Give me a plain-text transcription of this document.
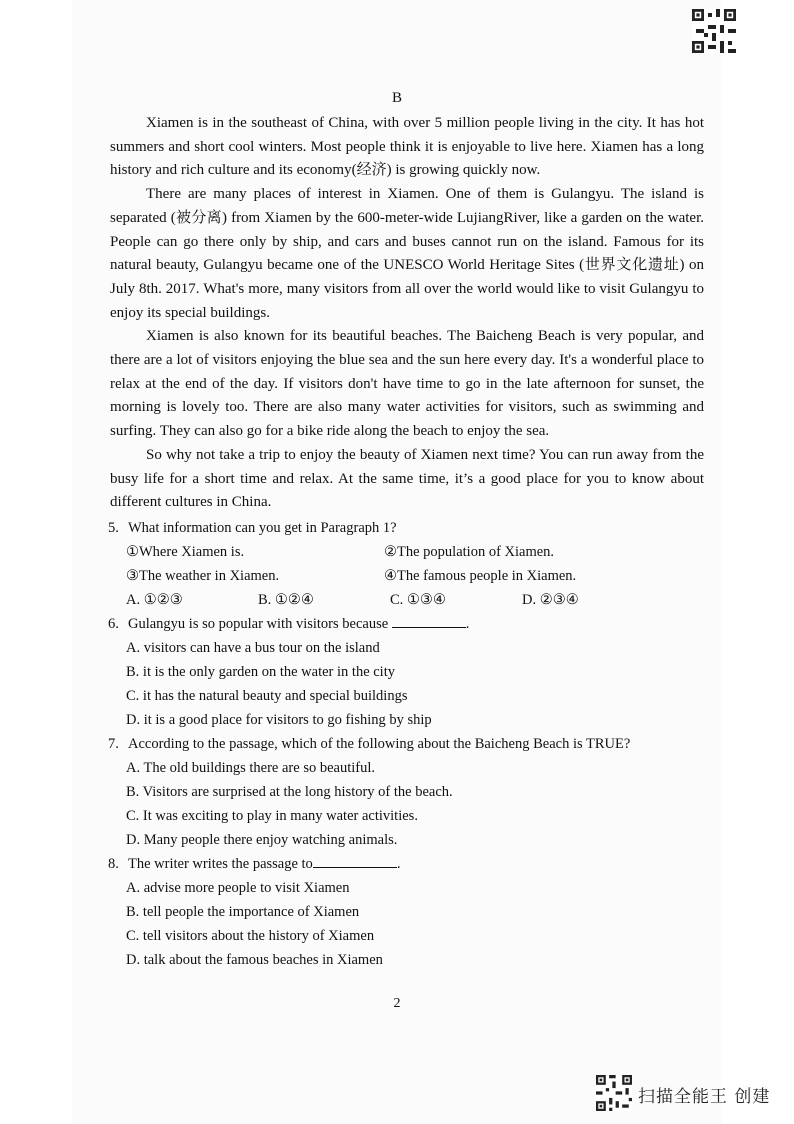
B

Xiamen is in the southeast of China, with over 5 million people living in the city. It has hot summers and short cool winters. Most people think it is enjoyable to live here. Xiamen has a long history and rich culture and its economy(经济) is growing quickly now.

There are many places of interest in Xiamen. One of them is Gulangyu. The island is separated (被分离) from Xiamen by the 600-meter-wide LujiangRiver, like a garden on the water. People can go there only by ship, and cars and buses cannot run on the island. Famous for its natural beauty, Gulangyu became one of the UNESCO World Heritage Sites (世界文化遗址) on July 8th. 2017. What's more, many visitors from all over the world would like to visit Gulangyu to enjoy its special buildings.

Xiamen is also known for its beautiful beaches. The Baicheng Beach is very popular, and there are a lot of visitors enjoying the blue sea and the sun here every day. It's a wonderful place to relax at the end of the day. If visitors don't have time to go in the late afternoon for sunset, the morning is lovely too. There are also many water activities for visitors, such as swimming and surfing. They can also go for a bike ride along the beach to enjoy the sea.

So why not take a trip to enjoy the beauty of Xiamen next time? You can run away from the busy life for a short time and relax. At the same time, it’s a good place for you to know about different cultures in China.

5. What information can you get in Paragraph 1?
①Where Xiamen is.	②The population of Xiamen.
③The weather in Xiamen.	④The famous people in Xiamen.
A. ①②③	B. ①②④	C. ①③④	D. ②③④
6. Gulangyu is so popular with visitors because	.
A. visitors can have a bus tour on the island
B. it is the only garden on the water in the city
C. it has the natural beauty and special buildings
D. it is a good place for visitors to go fishing by ship
7. According to the passage, which of the following about the Baicheng Beach is TRUE?
A. The old buildings there are so beautiful.
B. Visitors are surprised at the long history of the beach.
C. It was exciting to play in many water activities.
D. Many people there enjoy watching animals.
8. The writer writes the passage to	.
A. advise more people to visit Xiamen
B. tell people the importance of Xiamen
C. tell visitors about the history of Xiamen
D. talk about the famous beaches in Xiamen
2
扫描全能王 创建
